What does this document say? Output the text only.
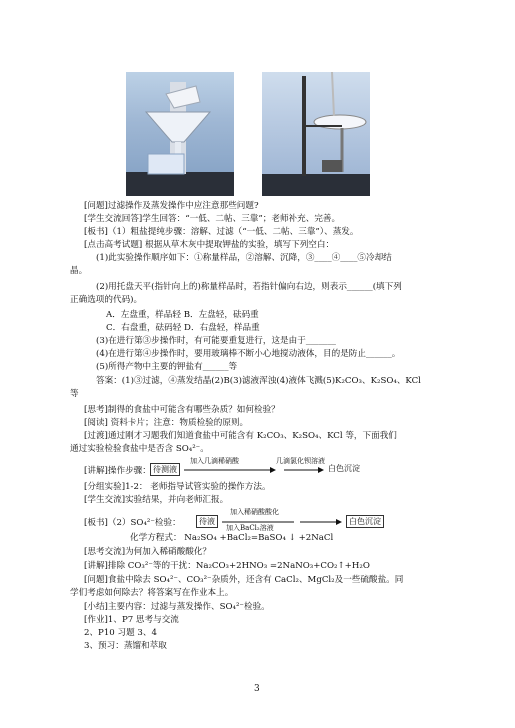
[问题]过滤操作及蒸发操作中应注意那些问题?
[学生交流回答]学生回答：“一低、二帖、三靠”；老师补充、完善。
[板书]（1）粗盐提纯步骤：溶解、过滤（“一低、二帖、三靠”）、蒸发。
[点击高考试题] 根据从草木灰中提取钾盐的实验，填写下列空白：
(1)此实验操作顺序如下：①称量样品，②溶解、沉降，③____④____⑤冷却结
晶。
(2)用托盘天平(指针向上的)称量样品时，若指针偏向右边，则表示______(填下列
正确选项的代码)。
A．左盘重，样品轻 B．左盘轻，砝码重
C．右盘重，砝码轻 D．右盘轻，样品重
(3)在进行第③步操作时，有可能要重复进行，这是由于_______
(4)在进行第④步操作时，要用玻璃棒不断小心地搅动液体，目的是防止______。
(5)所得产物中主要的钾盐有______等
答案：(1)③过滤，④蒸发结晶(2)B(3)滤液浑浊(4)液体飞溅(5)K₂CO₃、K₂SO₄、KCl
等
[思考]制得的食盐中可能含有哪些杂质？如何检验？
[阅读] 资料卡片；注意：物质检验的原则。
[过渡]通过刚才习题我们知道食盐中可能含有 K₂CO₃、K₂SO₄、KCl 等，下面我们
通过实验检验食盐中是否含 SO₄²⁻。
[讲解]操作步骤： 待测液
加入几滴稀硝酸	几滴氯化钡溶液
白色沉淀
[分组实验]1-2： 老师指导试管实验的操作方法。
[学生交流]实验结果，并向老师汇报。
[板书]（2）SO₄²⁻检验：	待液
加入稀硝酸酸化
加入BaCl₂溶液
白色沉淀
化学方程式： Na₂SO₄ +BaCl₂=BaSO₄ ↓ +2NaCl
[思考交流]为何加入稀硝酸酸化？
[讲解]排除 CO₃²⁻等的干扰：Na₂CO₃+2HNO₃ =2NaNO₃+CO₂↑+H₂O
[问题]食盐中除去 SO₄²⁻、CO₃²⁻杂质外，还含有 CaCl₂、MgCl₂及一些硫酸盐。同
学们考虑如何除去？将答案写在作业本上。
[小结]主要内容：过滤与蒸发操作、SO₄²⁻检验。
[作业]1、P7 思考与交流
2、P10 习题 3、4
3、预习：蒸馏和萃取
3
